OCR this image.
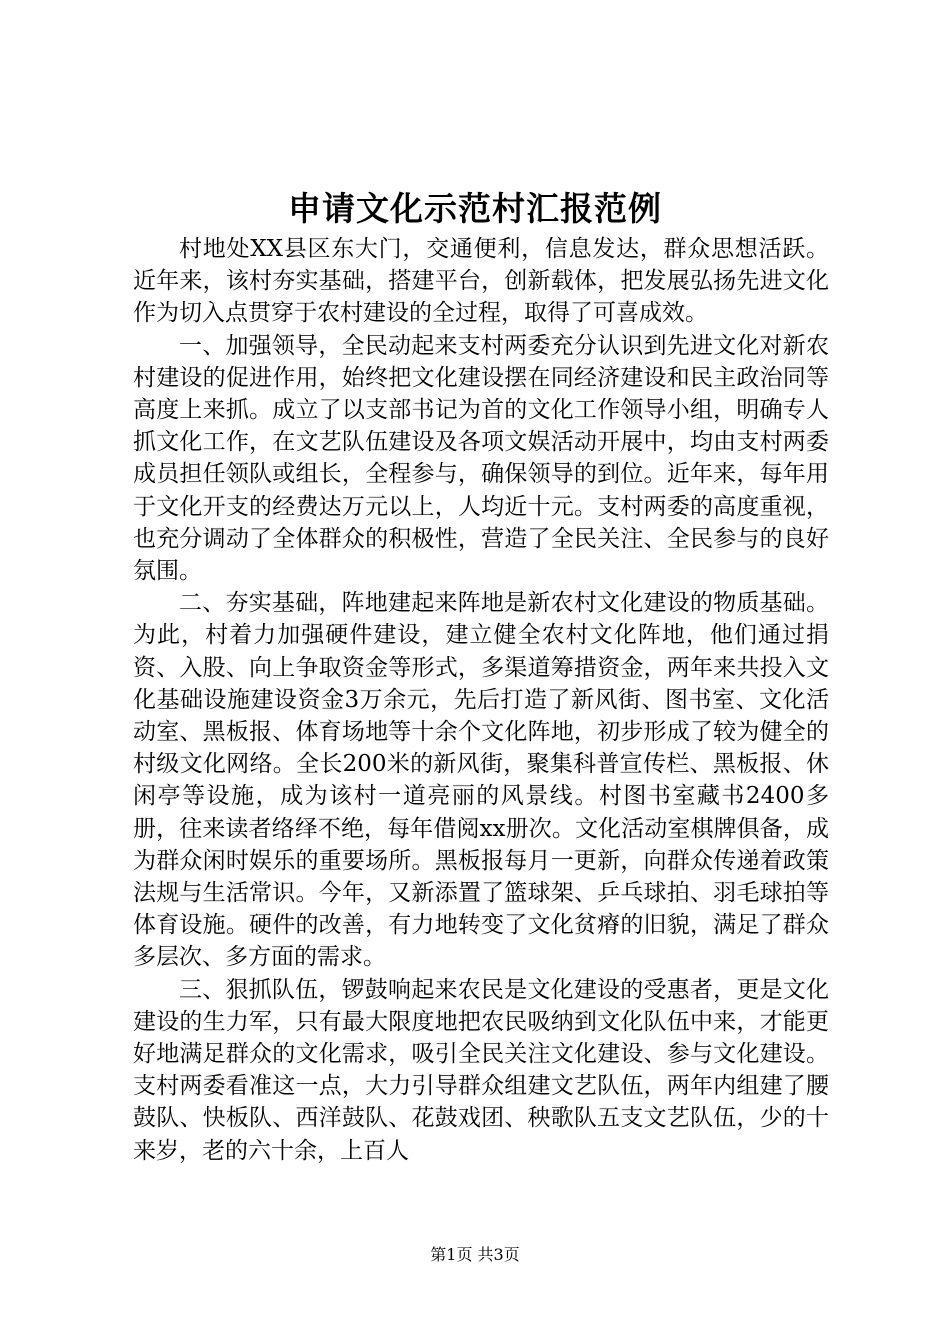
申请文化示范村汇报范例

村地处XX县区东大门，交通便利，信息发达，群众思想活跃。近年来，该村夯实基础，搭建平台，创新载体，把发展弘扬先进文化作为切入点贯穿于农村建设的全过程，取得了可喜成效。

一、加强领导，全民动起来支村两委充分认识到先进文化对新农村建设的促进作用，始终把文化建设摆在同经济建设和民主政治同等高度上来抓。成立了以支部书记为首的文化工作领导小组，明确专人抓文化工作，在文艺队伍建设及各项文娱活动开展中，均由支村两委成员担任领队或组长，全程参与，确保领导的到位。近年来，每年用于文化开支的经费达万元以上，人均近十元。支村两委的高度重视，也充分调动了全体群众的积极性，营造了全民关注、全民参与的良好氛围。

二、夯实基础，阵地建起来阵地是新农村文化建设的物质基础。为此，村着力加强硬件建设，建立健全农村文化阵地，他们通过捐资、入股、向上争取资金等形式，多渠道筹措资金，两年来共投入文化基础设施建设资金3万余元，先后打造了新风街、图书室、文化活动室、黑板报、体育场地等十余个文化阵地，初步形成了较为健全的村级文化网络。全长200米的新风街，聚集科普宣传栏、黑板报、休闲亭等设施，成为该村一道亮丽的风景线。村图书室藏书2400多册，往来读者络绎不绝，每年借阅xx册次。文化活动室棋牌俱备，成为群众闲时娱乐的重要场所。黑板报每月一更新，向群众传递着政策法规与生活常识。今年，又新添置了篮球架、乒乓球拍、羽毛球拍等体育设施。硬件的改善，有力地转变了文化贫瘠的旧貌，满足了群众多层次、多方面的需求。

三、狠抓队伍，锣鼓响起来农民是文化建设的受惠者，更是文化建设的生力军，只有最大限度地把农民吸纳到文化队伍中来，才能更好地满足群众的文化需求，吸引全民关注文化建设、参与文化建设。支村两委看准这一点，大力引导群众组建文艺队伍，两年内组建了腰鼓队、快板队、西洋鼓队、花鼓戏团、秧歌队五支文艺队伍，少的十来岁，老的六十余，上百人

第1页 共3页
